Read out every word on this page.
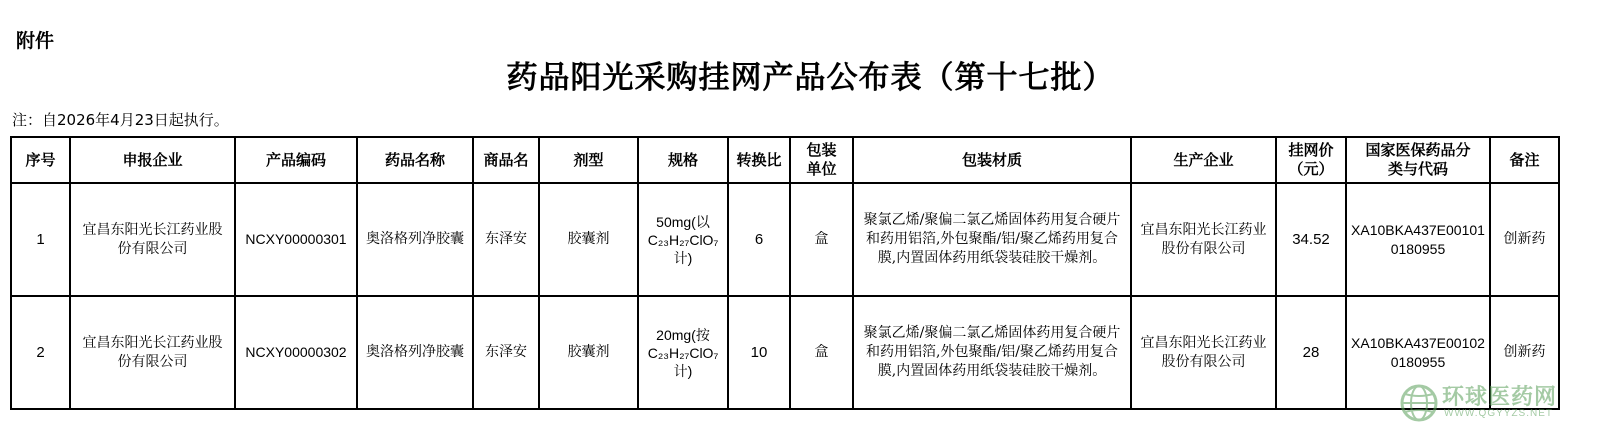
附件
药品阳光采购挂网产品公布表（第十七批）
注：自2026年4月23日起执行。
序号	申报企业	产品编码	药品名称	商品名	剂型	规格	转换比	包装单位	包装材质	生产企业	挂网价（元）	国家医保药品分类与代码	备注
1	宜昌东阳光长江药业股份有限公司	NCXY00000301	奥洛格列净胶囊	东泽安	胶囊剂	50mg(以C₂₃H₂₇ClO₇计)	6	盒	聚氯乙烯/聚偏二氯乙烯固体药用复合硬片和药用铝箔,外包聚酯/铝/聚乙烯药用复合膜,内置固体药用纸袋装硅胶干燥剂。	宜昌东阳光长江药业股份有限公司	34.52	XA10BKA437E001010180955	创新药
2	宜昌东阳光长江药业股份有限公司	NCXY00000302	奥洛格列净胶囊	东泽安	胶囊剂	20mg(按C₂₃H₂₇ClO₇计)	10	盒	聚氯乙烯/聚偏二氯乙烯固体药用复合硬片和药用铝箔,外包聚酯/铝/聚乙烯药用复合膜,内置固体药用纸袋装硅胶干燥剂。	宜昌东阳光长江药业股份有限公司	28	XA10BKA437E001020180955	创新药
环球医药网
WWW.QGYYZS.NET
